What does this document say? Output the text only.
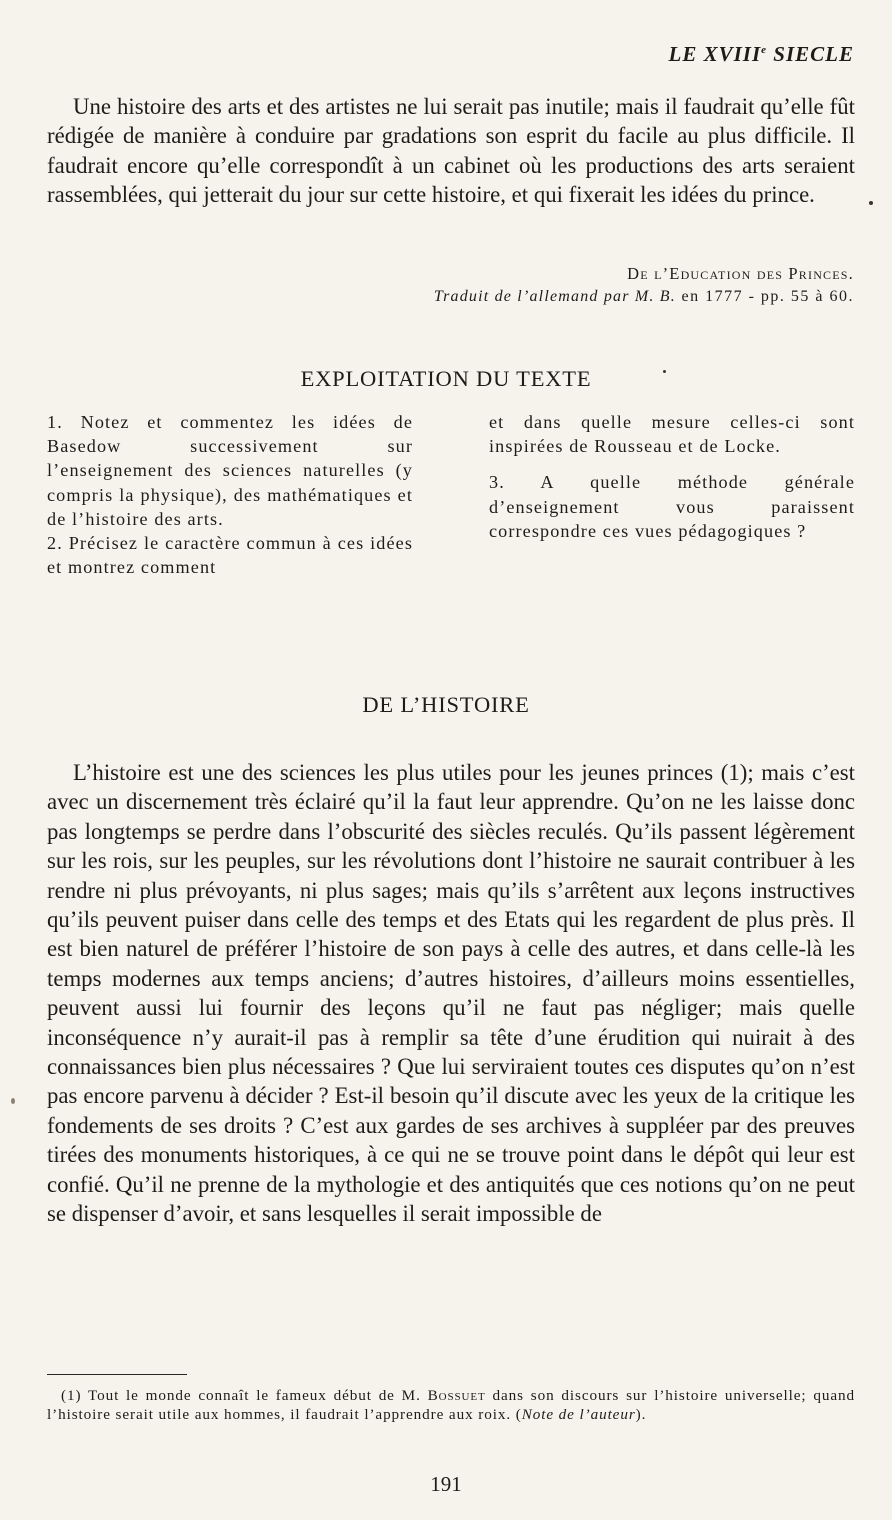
LE XVIIIe SIECLE

Une histoire des arts et des artistes ne lui serait pas inutile; mais il faudrait qu’elle fût rédigée de manière à conduire par gradations son esprit du facile au plus difficile. Il faudrait encore qu’elle correspondît à un cabinet où les productions des arts seraient rassemblées, qui jetterait du jour sur cette histoire, et qui fixerait les idées du prince.

De l’Education des Princes.
Traduit de l’allemand par M. B. en 1777 - pp. 55 à 60.
EXPLOITATION DU TEXTE

1. Notez et commentez les idées de Basedow successivement sur l’enseignement des sciences naturelles (y compris la physique), des mathématiques et de l’histoire des arts.

2. Précisez le caractère commun à ces idées et montrez comment

et dans quelle mesure celles-ci sont inspirées de Rousseau et de Locke.

3. A quelle méthode générale d’enseignement vous paraissent correspondre ces vues pédagogiques ?

DE L’HISTOIRE

L’histoire est une des sciences les plus utiles pour les jeunes princes (1); mais c’est avec un discernement très éclairé qu’il la faut leur apprendre. Qu’on ne les laisse donc pas longtemps se perdre dans l’obscurité des siècles reculés. Qu’ils passent légèrement sur les rois, sur les peuples, sur les révolutions dont l’histoire ne saurait contribuer à les rendre ni plus prévoyants, ni plus sages; mais qu’ils s’arrêtent aux leçons instructives qu’ils peuvent puiser dans celle des temps et des Etats qui les regardent de plus près. Il est bien naturel de préférer l’histoire de son pays à celle des autres, et dans celle-là les temps modernes aux temps anciens; d’autres histoires, d’ailleurs moins essentielles, peuvent aussi lui fournir des leçons qu’il ne faut pas négliger; mais quelle inconséquence n’y aurait-il pas à remplir sa tête d’une érudition qui nuirait à des connaissances bien plus nécessaires ? Que lui serviraient toutes ces disputes qu’on n’est pas encore parvenu à décider ? Est-il besoin qu’il discute avec les yeux de la critique les fondements de ses droits ? C’est aux gardes de ses archives à suppléer par des preuves tirées des monuments historiques, à ce qui ne se trouve point dans le dépôt qui leur est confié. Qu’il ne prenne de la mythologie et des antiquités que ces notions qu’on ne peut se dispenser d’avoir, et sans lesquelles il serait impossible de

(1) Tout le monde connaît le fameux début de M. Bossuet dans son discours sur l’histoire universelle; quand l’histoire serait utile aux hommes, il faudrait l’apprendre aux roix. (Note de l’auteur).
191
